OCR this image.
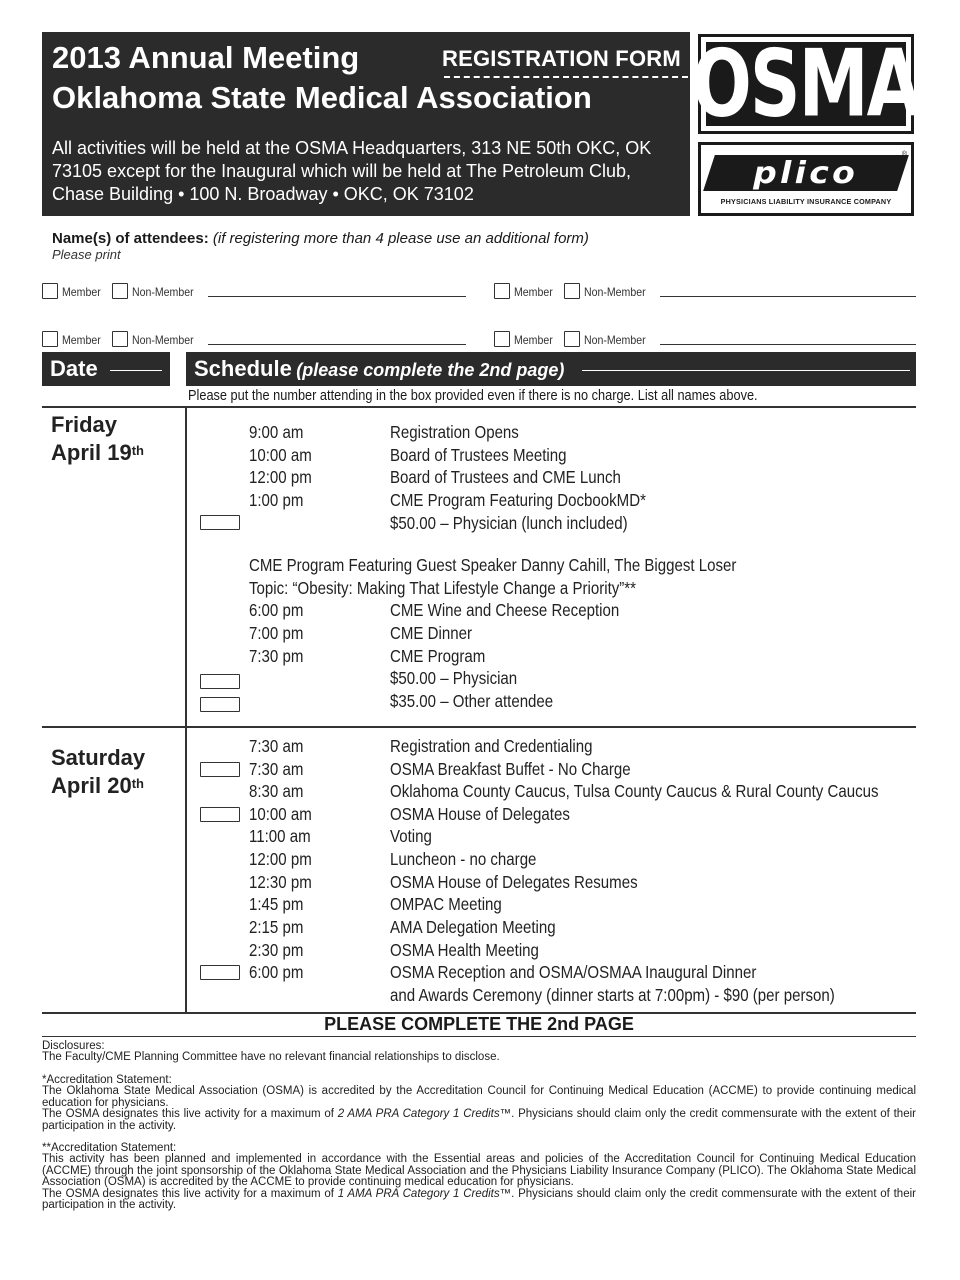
2013 Annual Meeting
Oklahoma State Medical Association
REGISTRATION FORM
All activities will be held at the OSMA Headquarters, 313 NE 50th OKC, OK 73105 except for the Inaugural which will be held at The Petroleum Club, Chase Building • 100 N. Broadway • OKC, OK 73102
OSMA
plico
®
PHYSICIANS LIABILITY INSURANCE COMPANY
Name(s) of attendees: (if registering more than 4 please use an additional form)
Please print
Member	Non-Member	Member	Non-Member
Member	Non-Member	Member	Non-Member
Date	Schedule (please complete the 2nd page)
Please put the number attending in the box provided even if there is no charge. List all names above.
Friday
April 19th
9:00 am	Registration Opens
10:00 am	Board of Trustees Meeting
12:00 pm	Board of Trustees and CME Lunch
1:00 pm	CME Program Featuring DocbookMD*
$50.00 – Physician (lunch included)
CME Program Featuring Guest Speaker Danny Cahill, The Biggest Loser
Topic: “Obesity: Making That Lifestyle Change a Priority”**
6:00 pm	CME Wine and Cheese Reception
7:00 pm	CME Dinner
7:30 pm	CME Program
$50.00 – Physician
$35.00 – Other attendee
Saturday
April 20th
7:30 am	Registration and Credentialing
7:30 am	OSMA Breakfast Buffet - No Charge
8:30 am	Oklahoma County Caucus, Tulsa County Caucus & Rural County Caucus
10:00 am	OSMA House of Delegates
11:00 am	Voting
12:00 pm	Luncheon - no charge
12:30 pm	OSMA House of Delegates Resumes
1:45 pm	OMPAC Meeting
2:15 pm	AMA Delegation Meeting
2:30 pm	OSMA Health Meeting
6:00 pm	OSMA Reception and OSMA/OSMAA Inaugural Dinner
and Awards Ceremony (dinner starts at 7:00pm) - $90 (per person)
PLEASE COMPLETE THE 2nd PAGE
Disclosures:
The Faculty/CME Planning Committee have no relevant financial relationships to disclose.
*Accreditation Statement:
The Oklahoma State Medical Association (OSMA) is accredited by the Accreditation Council for Continuing Medical Education (ACCME) to provide continuing medical education for physicians.
The OSMA designates this live activity for a maximum of 2 AMA PRA Category 1 Credits™. Physicians should claim only the credit commensurate with the extent of their participation in the activity.
**Accreditation Statement:
This activity has been planned and implemented in accordance with the Essential areas and policies of the Accreditation Council for Continuing Medical Education (ACCME) through the joint sponsorship of the Oklahoma State Medical Association and the Physicians Liability Insurance Company (PLICO). The Oklahoma State Medical Association (OSMA) is accredited by the ACCME to provide continuing medical education for physicians.
The OSMA designates this live activity for a maximum of 1 AMA PRA Category 1 Credits™. Physicians should claim only the credit commensurate with the extent of their participation in the activity.
